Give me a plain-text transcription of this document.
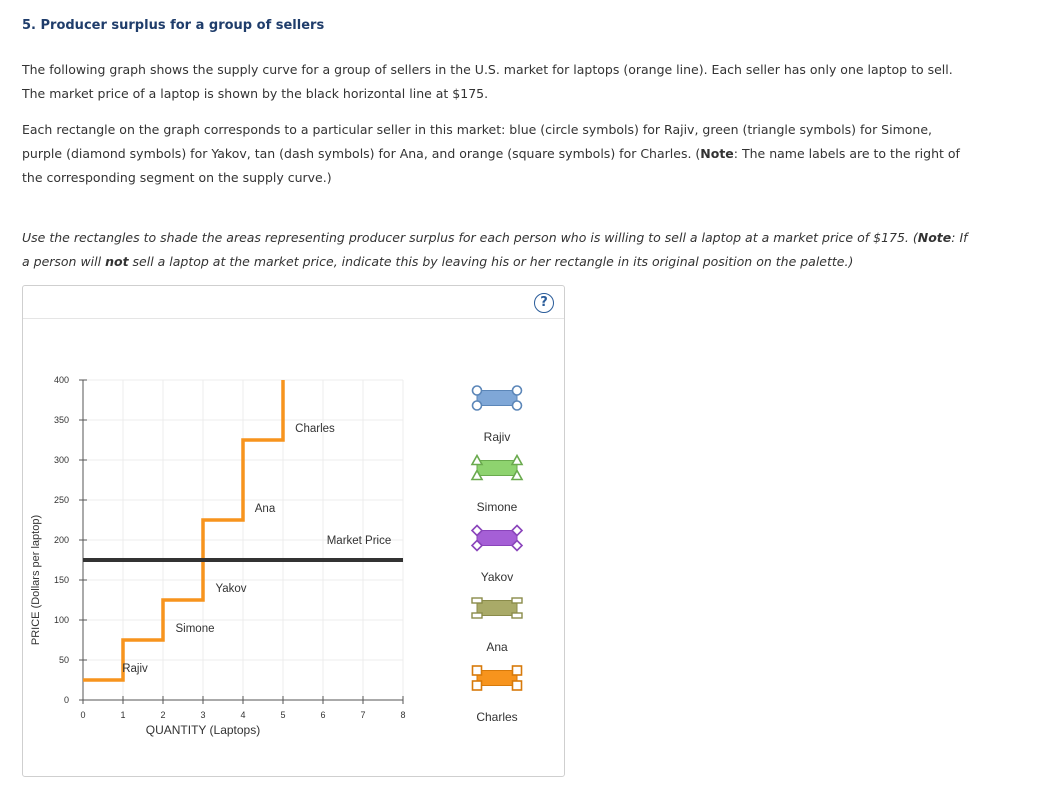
5. Producer surplus for a group of sellers
The following graph shows the supply curve for a group of sellers in the U.S. market for laptops (orange line). Each seller has only one laptop to sell.
The market price of a laptop is shown by the black horizontal line at $175.
Each rectangle on the graph corresponds to a particular seller in this market: blue (circle symbols) for Rajiv, green (triangle symbols) for Simone,
purple (diamond symbols) for Yakov, tan (dash symbols) for Ana, and orange (square symbols) for Charles. (Note: The name labels are to the right of
the corresponding segment on the supply curve.)
Use the rectangles to shade the areas representing producer surplus for each person who is willing to sell a laptop at a market price of $175. (Note: If
a person will not sell a laptop at the market price, indicate this by leaving his or her rectangle in its original position on the palette.)
?
0	1	2	3	4	5	6	7	8
0
50
100
150
200
250
300
350
400
QUANTITY (Laptops)
PRICE (Dollars per laptop)
Rajiv
Simone
Yakov
Ana
Charles
Market Price
Rajiv
Simone
Yakov
Ana
Charles
